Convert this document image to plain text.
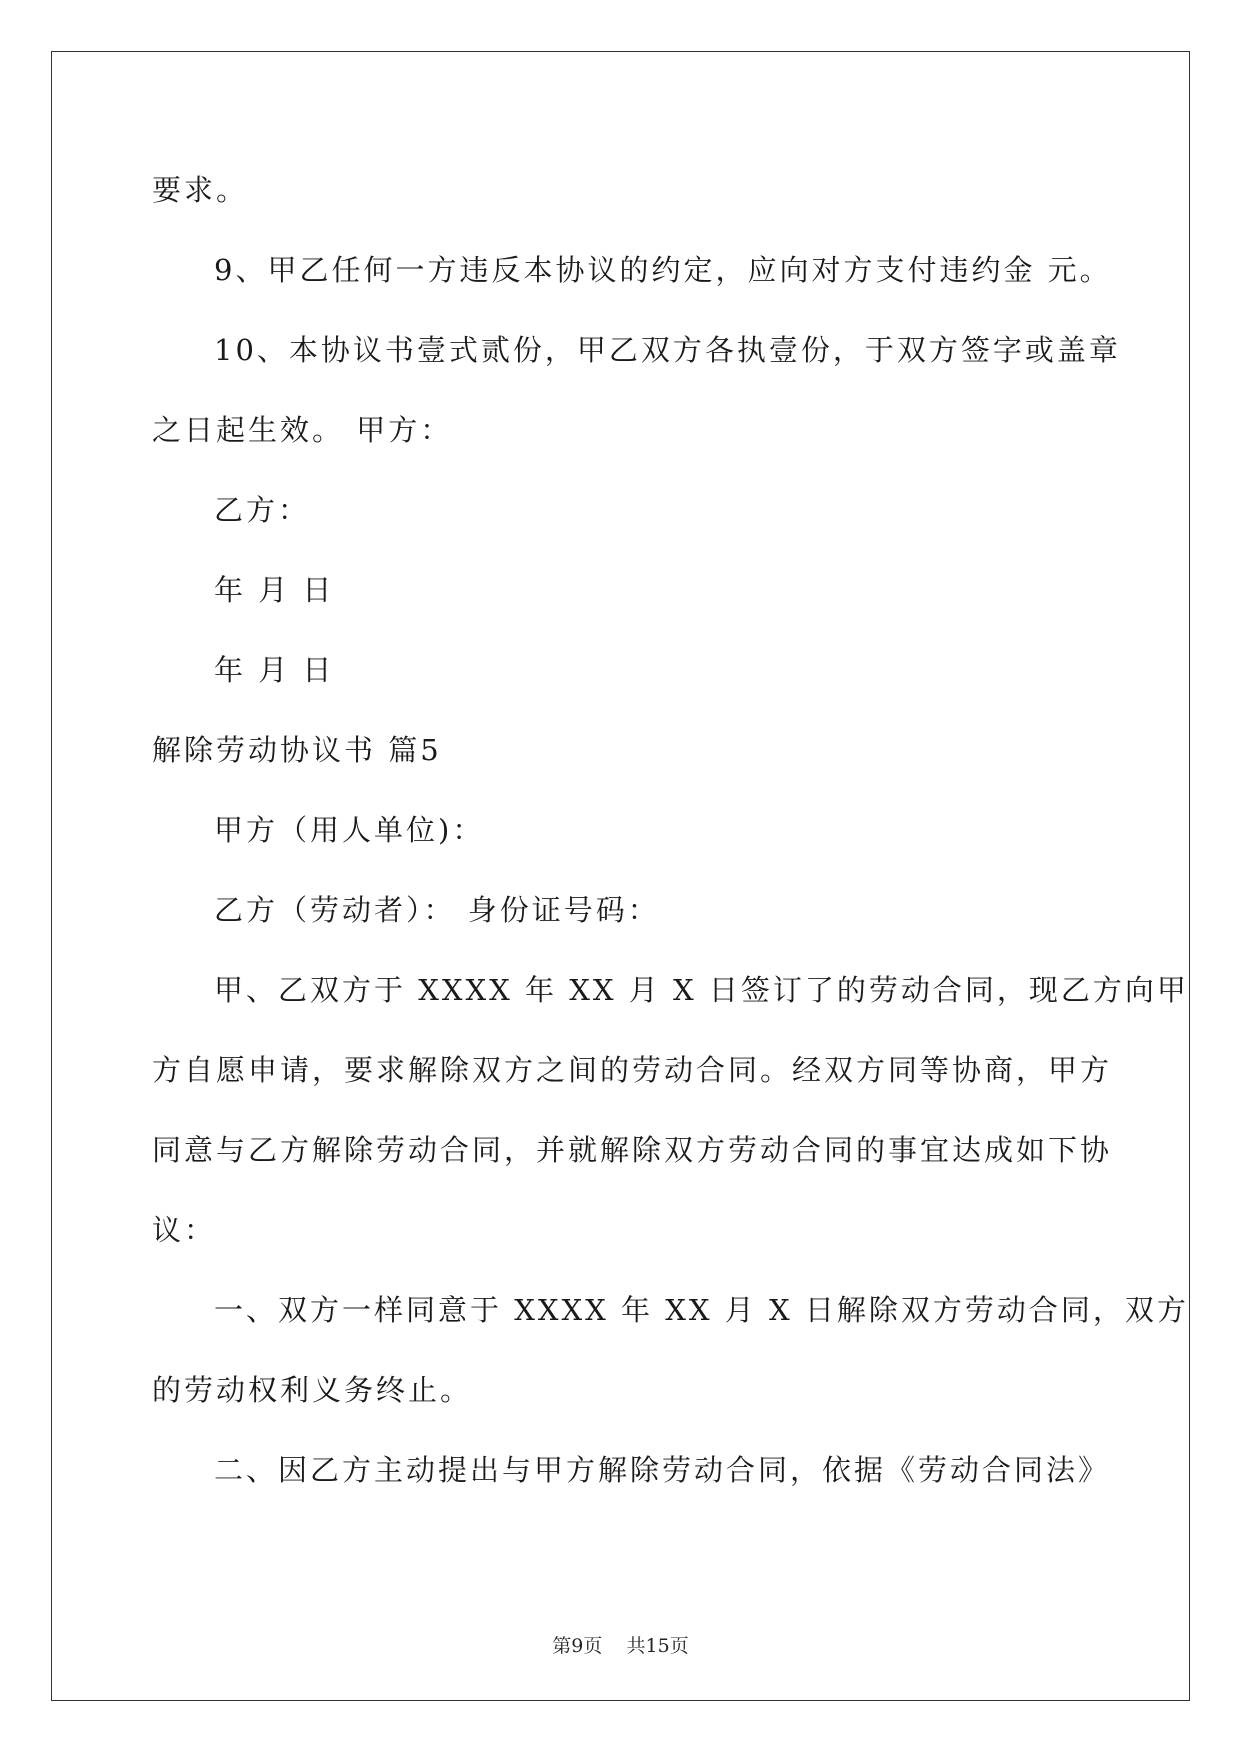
要求。
9、甲乙任何一方违反本协议的约定，应向对方支付违约金 元。
10、本协议书壹式贰份，甲乙双方各执壹份，于双方签字或盖章
之日起生效。 甲方：
乙方：
年 月 日
年 月 日
解除劳动协议书 篇5
甲方（用人单位)：
乙方（劳动者）： 身份证号码：
甲、乙双方于 XXXX 年 XX 月 X 日签订了的劳动合同，现乙方向甲
方自愿申请，要求解除双方之间的劳动合同。经双方同等协商，甲方
同意与乙方解除劳动合同，并就解除双方劳动合同的事宜达成如下协
议：
一、双方一样同意于 XXXX 年 XX 月 X 日解除双方劳动合同，双方
的劳动权利义务终止。
二、因乙方主动提出与甲方解除劳动合同，依据《劳动合同法》
第9页 共15页
